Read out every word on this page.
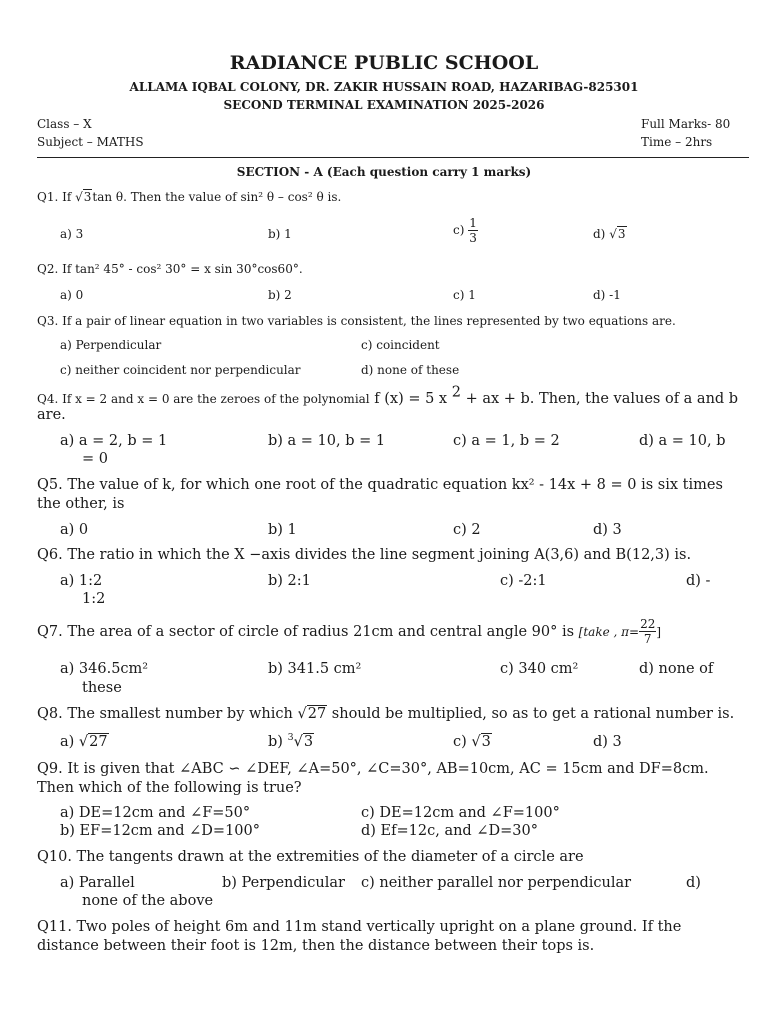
RADIANCE PUBLIC SCHOOL
ALLAMA IQBAL COLONY, DR. ZAKIR HUSSAIN ROAD, HAZARIBAG-825301
SECOND TERMINAL EXAMINATION 2025-2026
Class – X
Subject – MATHS
Full Marks- 80
Time – 2hrs
SECTION - A (Each question carry 1 marks)
Q1. If √3tan θ. Then the value of sin² θ – cos² θ is.
a) 3	b) 1	$c) \frac{1}{3}$	d) √3
Q2. If tan² 45° - cos² 30° = x sin 30°cos60°.
a) 0	b) 2	c) 1	d) -1
Q3. If a pair of linear equation in two variables is consistent, the lines represented by two equations are.
a) Perpendicular	c) coincident
c) neither coincident nor perpendicular	d) none of these
Q4. If x = 2 and x = 0 are the zeroes of the polynomial f (x) = 5 x $^2$ + ax + b. Then, the values of a and b
are.
a) a = 2, b = 1	b) a = 10, b = 1	c) a = 1, b = 2	d) a = 10, b
= 0
Q5. The value of k, for which one root of the quadratic equation kx² - 14x + 8 = 0 is six times
the other, is
a) 0	b) 1	c) 2	d) 3
Q6. The ratio in which the X −axis divides the line segment joining A(3,6) and B(12,3) is.
a) 1:2	b) 2:1	c) -2:1	d) -
1:2
Q7. The area of a sector of circle of radius 21cm and central angle 90° is [take , $\pi= \frac{22}{7}$ ]
a) 346.5cm²	b) 341.5 cm²	c) 340 cm²	d) none of
these
Q8. The smallest number by which √27 should be multiplied, so as to get a rational number is.
a) √27	b) $^3$√3	c) √3	d) 3
Q9. It is given that ∠ABC ∽ ∠DEF, ∠A=50°, ∠C=30°, AB=10cm, AC = 15cm and DF=8cm.
Then which of the following is true?
a) DE=12cm and ∠F=50°	c) DE=12cm and ∠F=100°
b) EF=12cm and ∠D=100°	d) Ef=12c, and ∠D=30°
Q10. The tangents drawn at the extremities of the diameter of a circle are
a) Parallel	b) Perpendicular c) neither parallel nor perpendicular	d)
none of the above
Q11. Two poles of height 6m and 11m stand vertically upright on a plane ground. If the
distance between their foot is 12m, then the distance between their tops is.
